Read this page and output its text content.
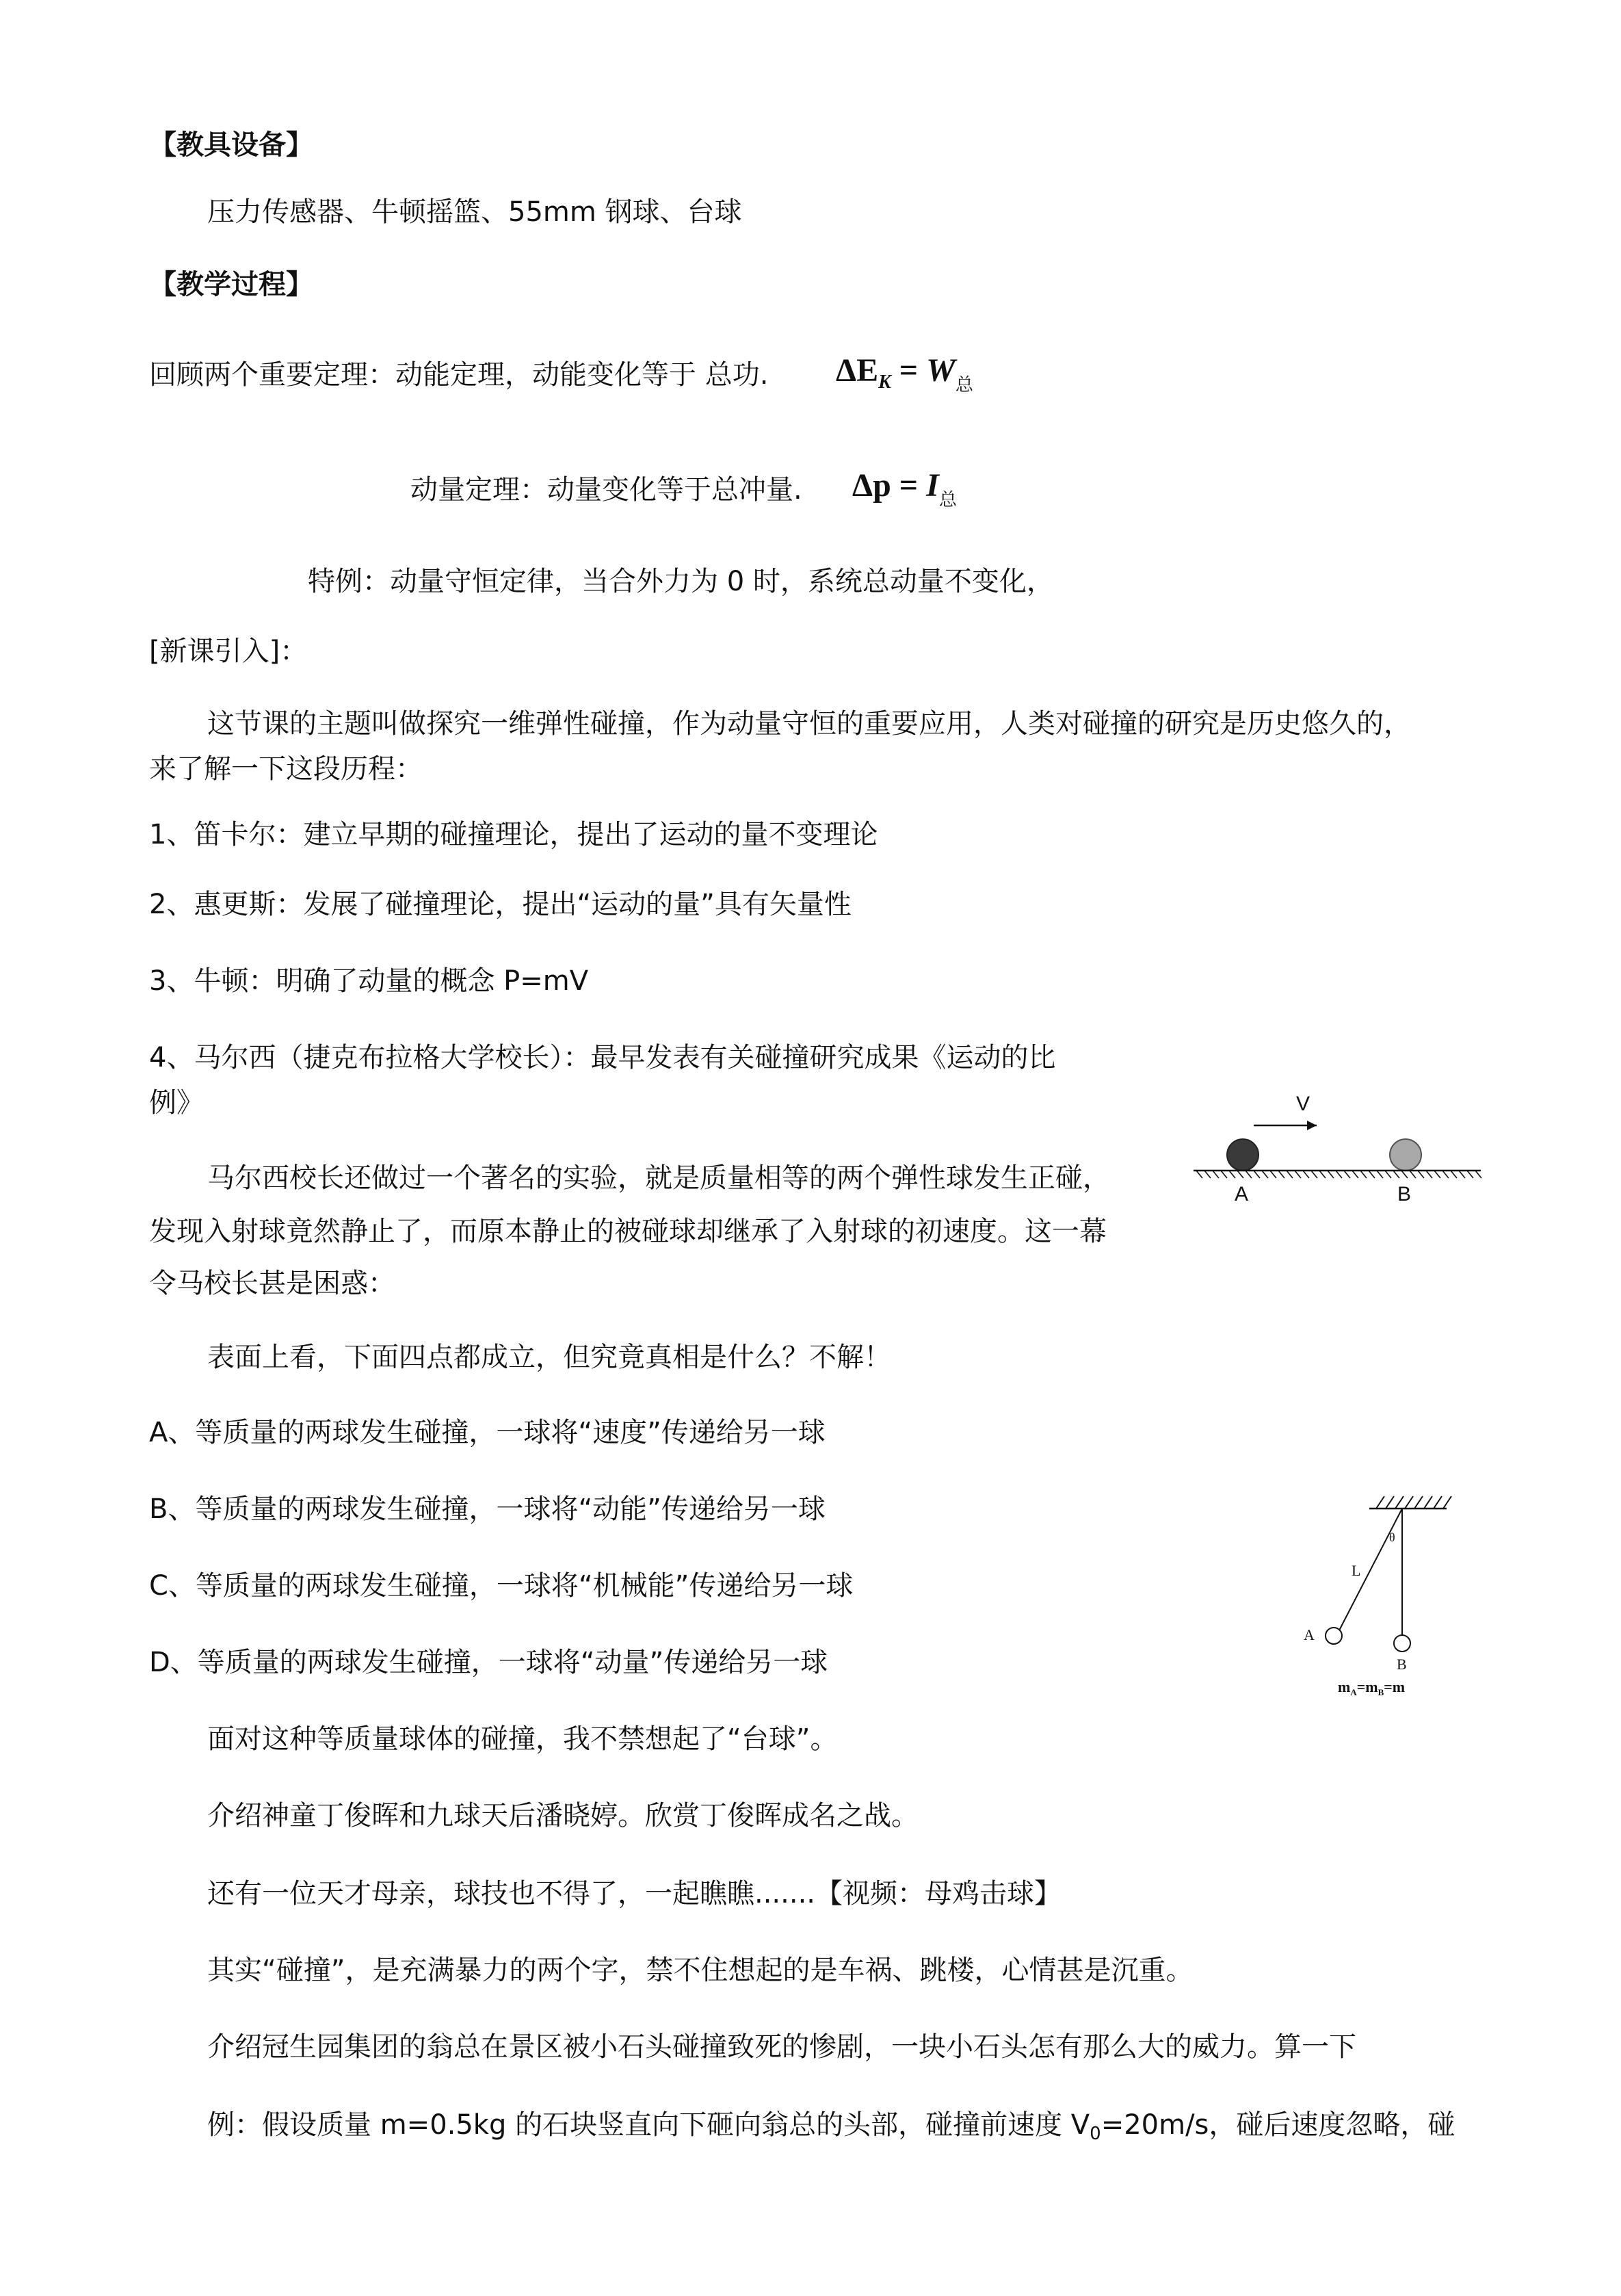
【教具设备】
压力传感器、牛顿摇篮、55mm 钢球、台球
【教学过程】
回顾两个重要定理：动能定理，动能变化等于 总功. $\Delta E_K = W_总$
动量定理：动量变化等于总冲量. $\Delta p = I_总$
特例：动量守恒定律，当合外力为 0 时，系统总动量不变化，
[新课引入]：
这节课的主题叫做探究一维弹性碰撞，作为动量守恒的重要应用，人类对碰撞的研究是历史悠久的，
来了解一下这段历程：
1、笛卡尔：建立早期的碰撞理论，提出了运动的量不变理论
2、惠更斯：发展了碰撞理论，提出“运动的量”具有矢量性
3、牛顿：明确了动量的概念 P=mV
4、马尔西（捷克布拉格大学校长）：最早发表有关碰撞研究成果《运动的比
例》
马尔西校长还做过一个著名的实验，就是质量相等的两个弹性球发生正碰，
发现入射球竟然静止了，而原本静止的被碰球却继承了入射球的初速度。这一幕
令马校长甚是困惑：
表面上看，下面四点都成立，但究竟真相是什么？不解！
A、等质量的两球发生碰撞，一球将“速度”传递给另一球
B、等质量的两球发生碰撞，一球将“动能”传递给另一球
C、等质量的两球发生碰撞，一球将“机械能”传递给另一球
D、等质量的两球发生碰撞，一球将“动量”传递给另一球
面对这种等质量球体的碰撞，我不禁想起了“台球”。
介绍神童丁俊晖和九球天后潘晓婷。欣赏丁俊晖成名之战。
还有一位天才母亲，球技也不得了，一起瞧瞧.......【视频：母鸡击球】
其实“碰撞”，是充满暴力的两个字，禁不住想起的是车祸、跳楼，心情甚是沉重。
介绍冠生园集团的翁总在景区被小石头碰撞致死的惨剧，一块小石头怎有那么大的威力。算一下
例：假设质量 m=0.5kg 的石块竖直向下砸向翁总的头部，碰撞前速度 $V_0=20m/s$，碰后速度忽略，碰
V
A	B
θ
L
A
B
$m_A=m_B=m$
